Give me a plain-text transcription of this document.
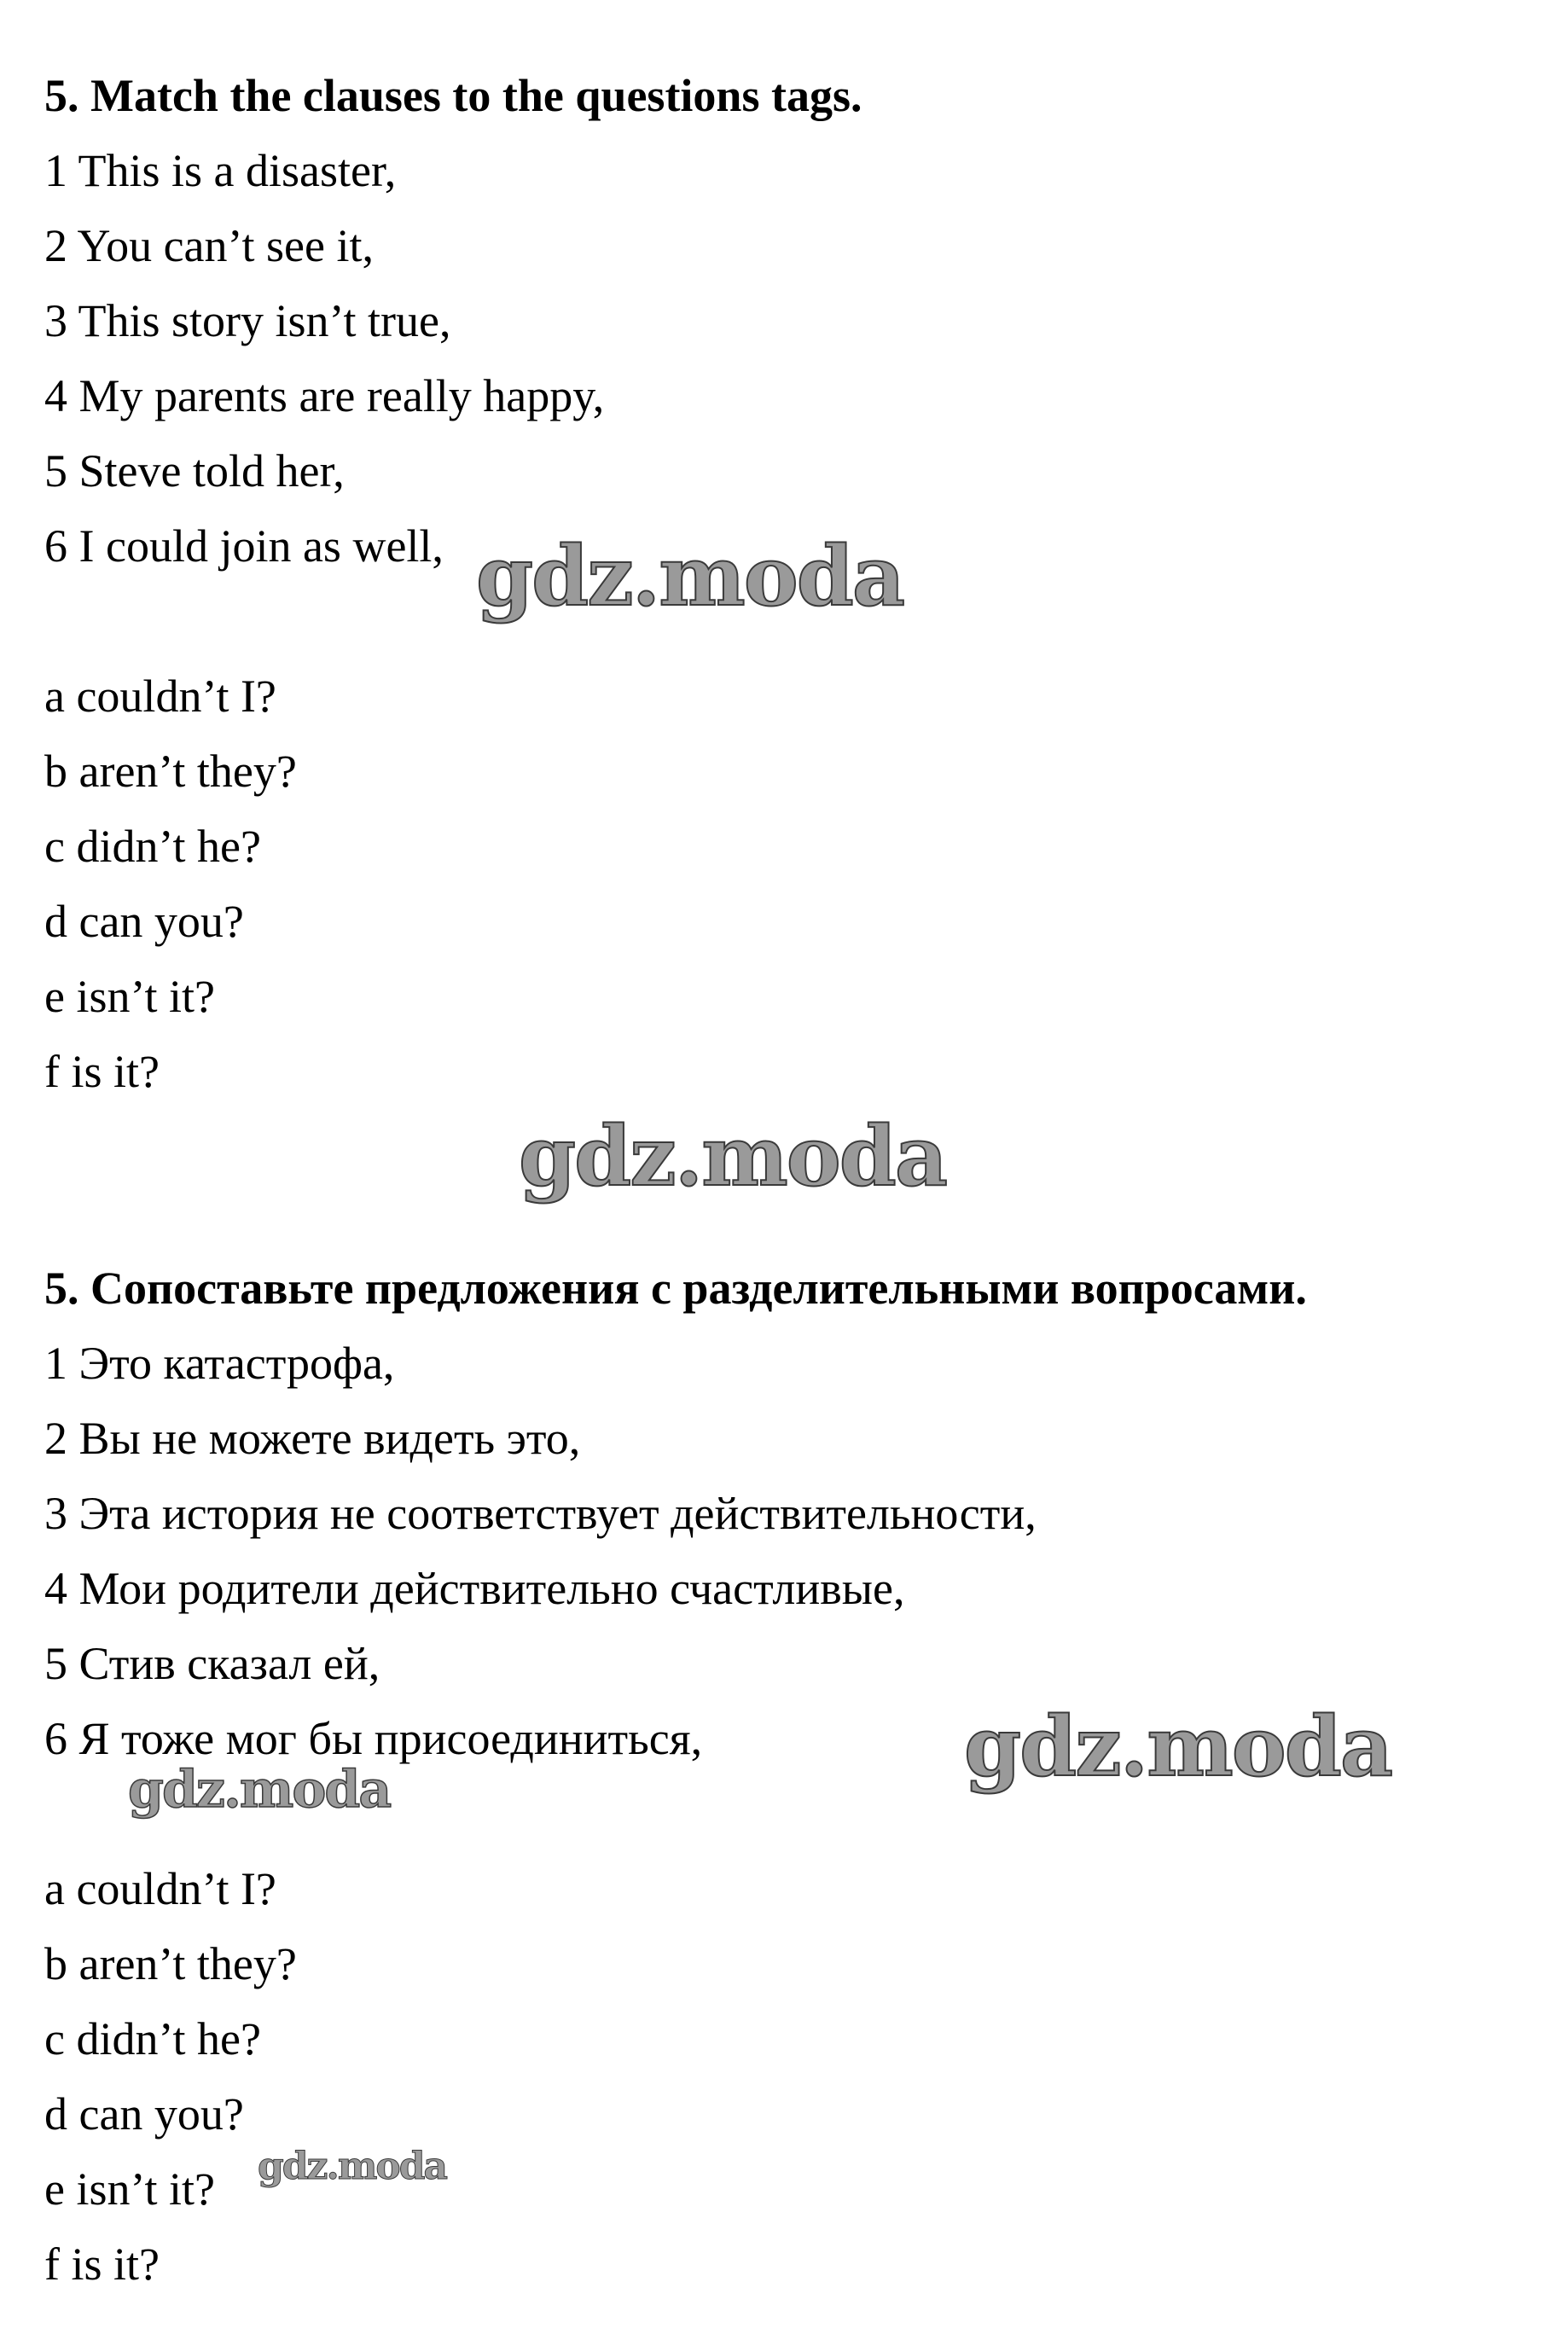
5. Match the clauses to the questions tags.
1 This is a disaster,
2 You can’t see it,
3 This story isn’t true,
4 My parents are really happy,
5 Steve told her,
6 I could join as well,
a couldn’t I?
b aren’t they?
c didn’t he?
d can you?
e isn’t it?
f is it?
5. Сопоставьте предложения с разделительными вопросами.
1 Это катастрофа,
2 Вы не можете видеть это,
3 Эта история не соответствует действительности,
4 Мои родители действительно счастливые,
5 Стив сказал ей,
6 Я тоже мог бы присоединиться,
a couldn’t I?
b aren’t they?
c didn’t he?
d can you?
e isn’t it?
f is it?
gdz.moda
gdz.moda
gdz.moda
gdz.moda
gdz.moda
